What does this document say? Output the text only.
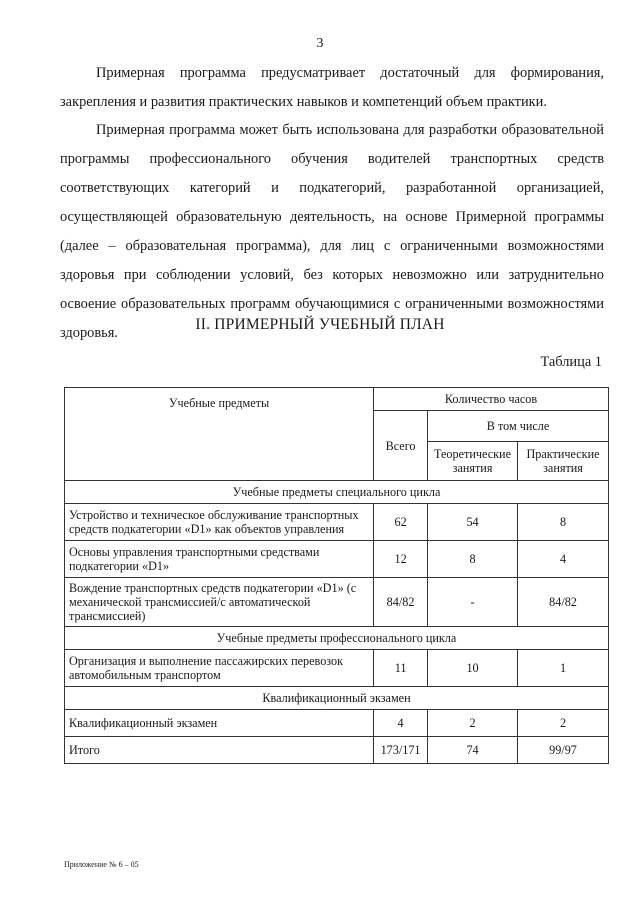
3

Примерная программа предусматривает достаточный для формирования, закрепления и развития практических навыков и компетенций объем практики.

Примерная программа может быть использована для разработки образовательной программы профессионального обучения водителей транспортных средств соответствующих категорий и подкатегорий, разработанной организацией, осуществляющей образовательную деятельность, на основе Примерной программы (далее – образовательная программа), для лиц с ограниченными возможностями здоровья при соблюдении условий, без которых невозможно или затруднительно освоение образовательных программ обучающимися с ограниченными возможностями здоровья.	II. ПРИМЕРНЫЙ УЧЕБНЫЙ ПЛАН
Таблица 1
Учебные предметы	Количество часов		
	Всего	В том числе	
		Теоретические занятия	Практические занятия
Учебные предметы специального цикла			
Устройство и техническое обслуживание транспортных средств подкатегории «D1» как объектов управления	62	54	8
Основы управления транспортными средствами подкатегории «D1»	12	8	4
Вождение транспортных средств подкатегории «D1» (с механической трансмиссией/с автоматической трансмиссией)	84/82	-	84/82
Учебные предметы профессионального цикла			
Организация и выполнение пассажирских перевозок автомобильным транспортом	11	10	1
Квалификационный экзамен			
Квалификационный экзамен	4	2	2
Итого	173/171	74	99/97
Приложение № 6 – 05
